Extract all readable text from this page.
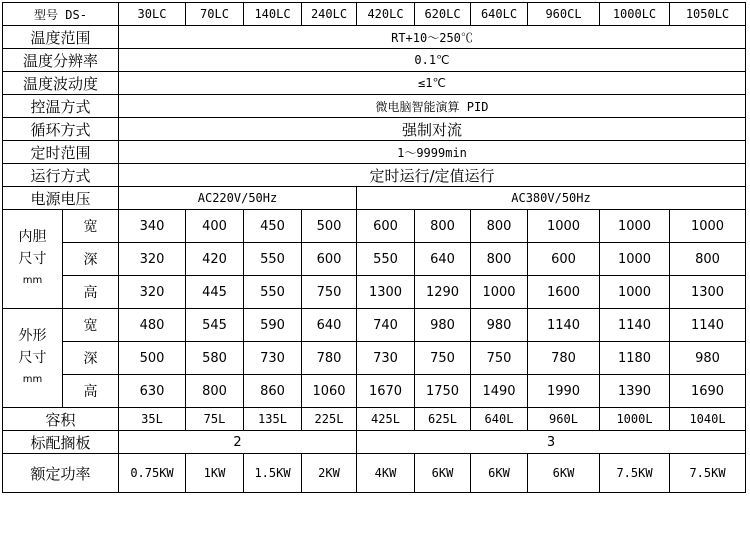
型号 DS-		30LC	70LC	140LC	240LC	420LC	620LC	640LC	960CL	1000LC	1050LC
温度范围		RT+10～250℃									
温度分辨率		0.1℃									
温度波动度		≤1℃									
控温方式		微电脑智能演算 PID									
循环方式		强制对流									
定时范围		1～9999min									
运行方式		定时运行/定值运行									
电源电压		AC220V/50Hz				AC380V/50Hz					

内胆
尺寸
mm	宽	340	400	450	500	600	800	800	1000	1000	1000
	深	320	420	550	600	550	640	800	600	1000	800
	高	320	445	550	750	1300	1290	1000	1600	1000	1300

外形
尺寸
mm	宽	480	545	590	640	740	980	980	1140	1140	1140
	深	500	580	730	780	730	750	750	780	1180	980
	高	630	800	860	1060	1670	1750	1490	1990	1390	1690
容积		35L	75L	135L	225L	425L	625L	640L	960L	1000L	1040L
标配搁板		2				3					
额定功率		0.75KW	1KW	1.5KW	2KW	4KW	6KW	6KW	6KW	7.5KW	7.5KW
